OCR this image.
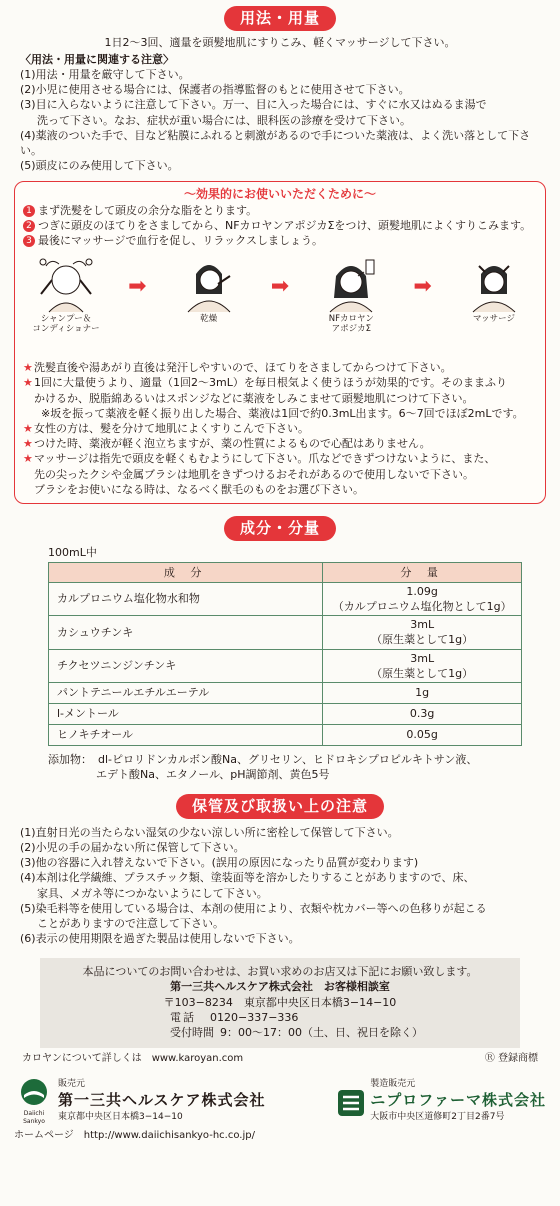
用法・用量
1日2〜3回、適量を頭髪地肌にすりこみ、軽くマッサージして下さい。
〈用法・用量に関連する注意〉
(1)用法・用量を厳守して下さい。
(2)小児に使用させる場合には、保護者の指導監督のもとに使用させて下さい。
(3)目に入らないように注意して下さい。万一、目に入った場合には、すぐに水又はぬるま湯で
洗って下さい。なお、症状が重い場合には、眼科医の診療を受けて下さい。
(4)薬液のついた手で、目など粘膜にふれると刺激があるので手についた薬液は、よく洗い落として下さい。
(5)頭皮にのみ使用して下さい。
〜効果的にお使いいただくために〜
1 まず洗髪をして頭皮の余分な脂をとります。
2 つぎに頭皮のほてりをさましてから、NFカロヤンアポジカΣをつけ、頭髪地肌によくすりこみます。
3 最後にマッサージで血行を促し、リラックスしましょう。
シャンプー＆
コンディショナー
➡
乾燥
➡
NFカロヤン
アポジカΣ
➡
マッサージ
★ 洗髪直後や湯あがり直後は発汗しやすいので、ほてりをさましてからつけて下さい。
★ 1回に大量使うより、適量（1回2〜3mL）を毎日根気よく使うほうが効果的です。そのままふり
かけるか、脱脂綿あるいはスポンジなどに薬液をしみこませて頭髪地肌につけて下さい。
※坂を振って薬液を軽く振り出した場合、薬液は1回で約0.3mL出ます。6〜7回でほぼ2mLです。
★ 女性の方は、髪を分けて地肌によくすりこんで下さい。
★ つけた時、薬液が軽く泡立ちますが、薬の性質によるもので心配はありません。
★ マッサージは指先で頭皮を軽くもむようにして下さい。爪などできずつけないように、また、
先の尖ったクシや金属ブラシは地肌をきずつけるおそれがあるので使用しないで下さい。
ブラシをお使いになる時は、なるべく獣毛のものをお選び下さい。
成分・分量
100mL中
成 分	分 量
カルプロニウム塩化物水和物	1.09g
（カルプロニウム塩化物として1g）

カシュウチンキ	3mL
（原生薬として1g）

チクセツニンジンチンキ	3mL
（原生薬として1g）

パントテニールエチルエーテル	1g

l-メントール	0.3g

ヒノキチオール	0.05g
添加物： dl-ピロリドンカルボン酸Na、グリセリン、ヒドロキシプロピルキトサン液、
エデト酸Na、エタノール、pH調節剤、黄色5号
保管及び取扱い上の注意
(1)直射日光の当たらない湿気の少ない涼しい所に密栓して保管して下さい。
(2)小児の手の届かない所に保管して下さい。
(3)他の容器に入れ替えないで下さい。(誤用の原因になったり品質が変わります)
(4)本剤は化学繊維、プラスチック類、塗装面等を溶かしたりすることがありますので、床、
家具、メガネ等につかないようにして下さい。
(5)染毛料等を使用している場合は、本剤の使用により、衣類や枕カバー等への色移りが起こる
ことがありますので注意して下さい。
(6)表示の使用期限を過ぎた製品は使用しないで下さい。
本品についてのお問い合わせは、お買い求めのお店又は下記にお願い致します。
第一三共ヘルスケア株式会社　お客様相談室
〒103−8234　東京都中央区日本橋3−14−10
電話	0120−337−336
受付時間 9：00〜17：00（土、日、祝日を除く）
カロヤンについて詳しくは　www.karoyan.com	Ⓡ 登録商標
Daiichi Sankyo
販売元
第一三共ヘルスケア株式会社
東京都中央区日本橋3−14−10
製造販売元
ニプロファーマ株式会社
大阪市中央区道修町2丁目2番7号
ホームページ　http://www.daiichisankyo-hc.co.jp/
